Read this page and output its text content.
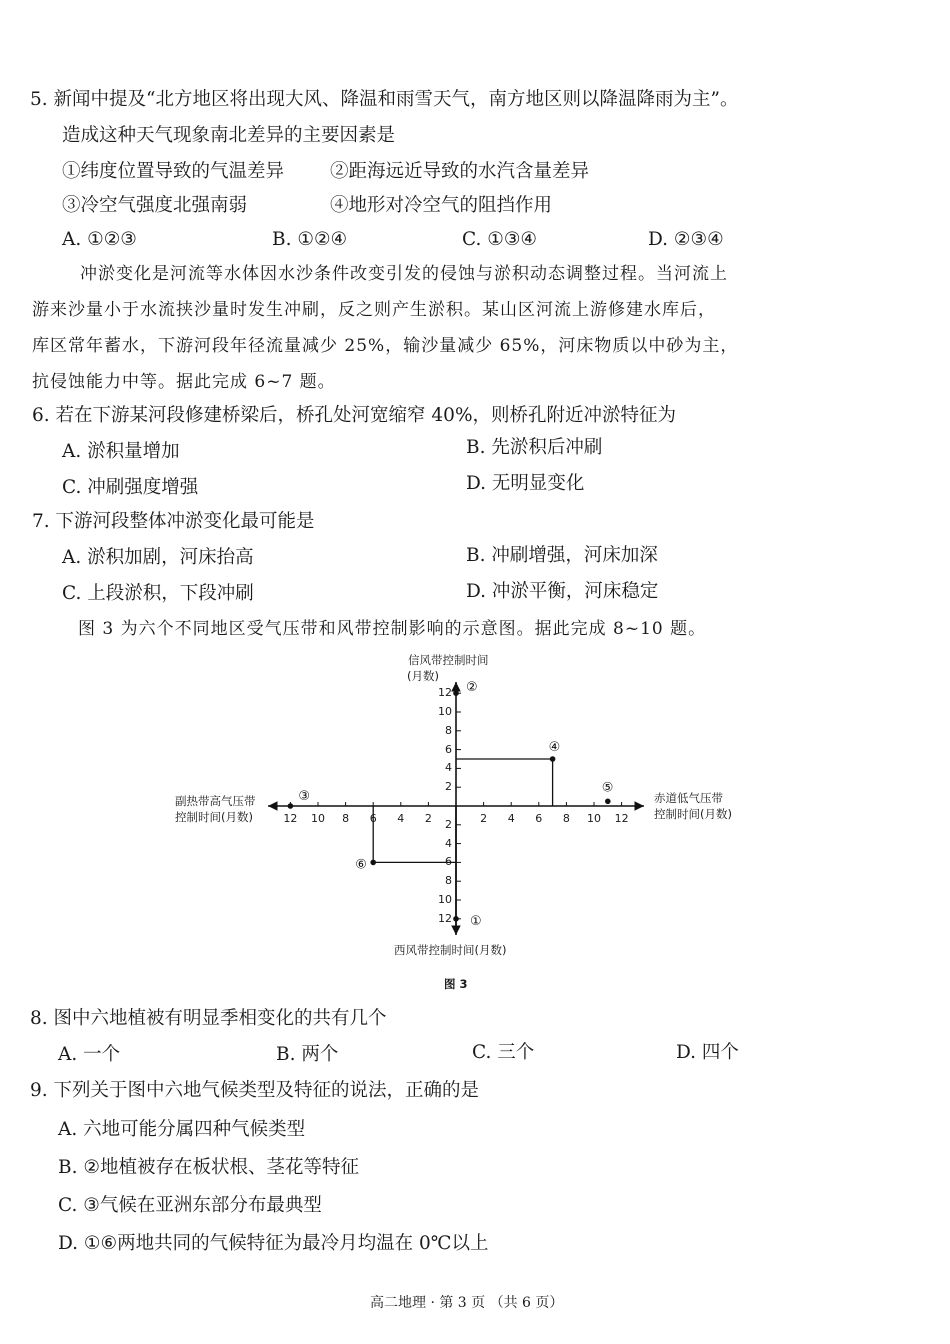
5. 新闻中提及“北方地区将出现大风、降温和雨雪天气，南方地区则以降温降雨为主”。
造成这种天气现象南北差异的主要因素是
①纬度位置导致的气温差异 ②距海远近导致的水汽含量差异
③冷空气强度北强南弱	④地形对冷空气的阻挡作用
A. ①②③	B. ①②④	C. ①③④	D. ②③④
冲淤变化是河流等水体因水沙条件改变引发的侵蚀与淤积动态调整过程。当河流上
游来沙量小于水流挟沙量时发生冲刷，反之则产生淤积。某山区河流上游修建水库后，
库区常年蓄水，下游河段年径流量减少 25%，输沙量减少 65%，河床物质以中砂为主，
抗侵蚀能力中等。据此完成 6~7 题。
6. 若在下游某河段修建桥梁后，桥孔处河宽缩窄 40%，则桥孔附近冲淤特征为
A. 淤积量增加	B. 先淤积后冲刷
C. 冲刷强度增强	D. 无明显变化
7. 下游河段整体冲淤变化最可能是
A. 淤积加剧，河床抬高	B. 冲刷增强，河床加深
C. 上段淤积，下段冲刷	D. 冲淤平衡，河床稳定
图 3 为六个不同地区受气压带和风带控制影响的示意图。据此完成 8~10 题。
①
②
③
④
⑤
⑥
信风带控制时间
(月数)
副热带高气压带
控制时间(月数)
赤道低气压带
控制时间(月数)
西风带控制时间(月数)
图 3
2
2
2
2	4
4
4
4
6
6
6
6
8
8
8
8
10
10
10
10
12
12
12
12
8. 图中六地植被有明显季相变化的共有几个
A. 一个	B. 两个	C. 三个	D. 四个
9. 下列关于图中六地气候类型及特征的说法，正确的是
A. 六地可能分属四种气候类型
B. ②地植被存在板状根、茎花等特征
C. ③气候在亚洲东部分布最典型
D. ①⑥两地共同的气候特征为最冷月均温在 0℃以上
高二地理 · 第 3 页 （共 6 页）
